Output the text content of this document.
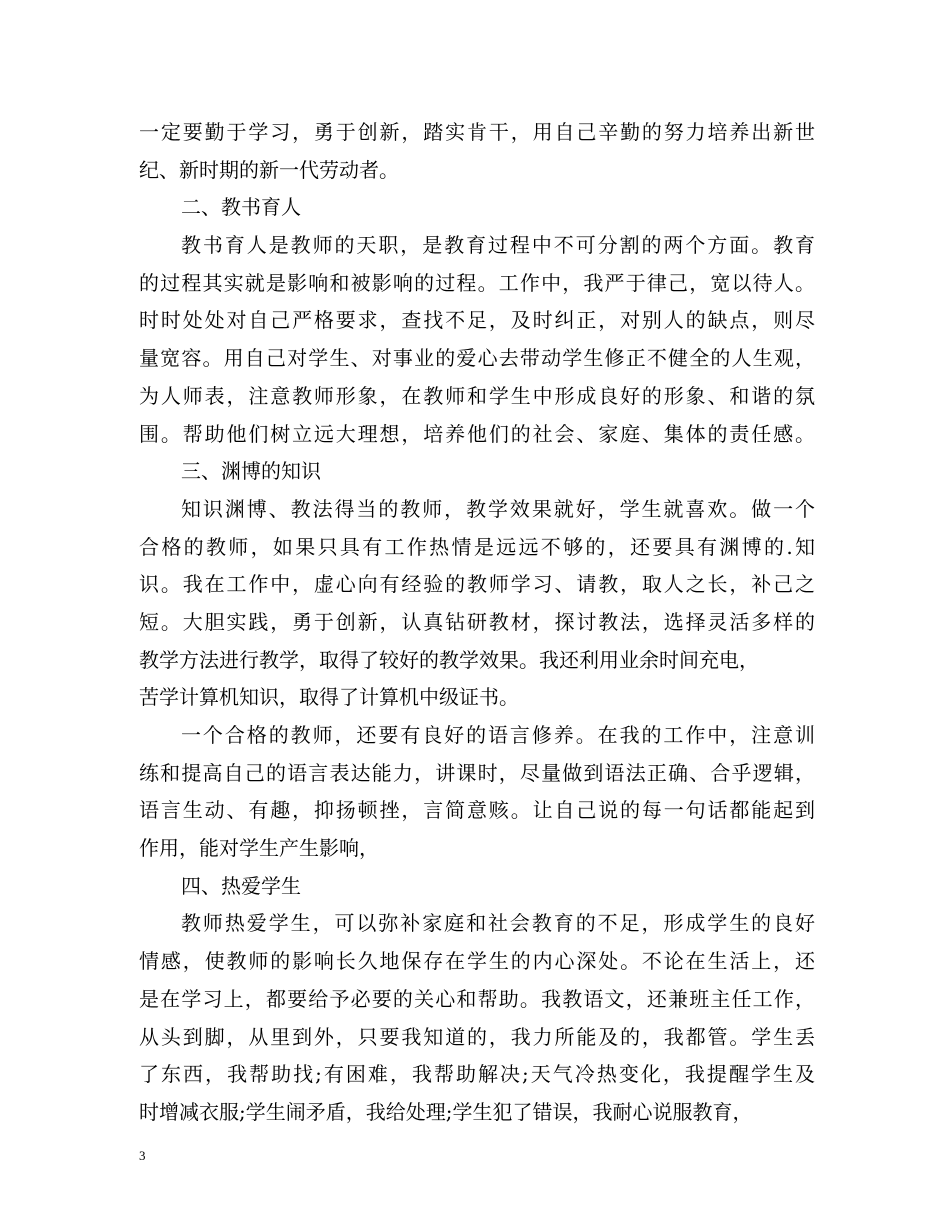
一定要勤于学习，勇于创新，踏实肯干，用自己辛勤的努力培养出新世
纪、新时期的新一代劳动者。
二、教书育人
教书育人是教师的天职，是教育过程中不可分割的两个方面。教育
的过程其实就是影响和被影响的过程。工作中，我严于律己，宽以待人。
时时处处对自己严格要求，查找不足，及时纠正，对别人的缺点，则尽
量宽容。用自己对学生、对事业的爱心去带动学生修正不健全的人生观，
为人师表，注意教师形象，在教师和学生中形成良好的形象、和谐的氛
围。帮助他们树立远大理想，培养他们的社会、家庭、集体的责任感。
三、渊博的知识
知识渊博、教法得当的教师，教学效果就好，学生就喜欢。做一个
合格的教师，如果只具有工作热情是远远不够的，还要具有渊博的.知
识。我在工作中，虚心向有经验的教师学习、请教，取人之长，补己之
短。大胆实践，勇于创新，认真钻研教材，探讨教法，选择灵活多样的
教学方法进行教学，取得了较好的教学效果。我还利用业余时间充电，
苦学计算机知识，取得了计算机中级证书。
一个合格的教师，还要有良好的语言修养。在我的工作中，注意训
练和提高自己的语言表达能力，讲课时，尽量做到语法正确、合乎逻辑，
语言生动、有趣，抑扬顿挫，言简意赅。让自己说的每一句话都能起到
作用，能对学生产生影响，
四、热爱学生
教师热爱学生，可以弥补家庭和社会教育的不足，形成学生的良好
情感，使教师的影响长久地保存在学生的内心深处。不论在生活上，还
是在学习上，都要给予必要的关心和帮助。我教语文，还兼班主任工作，
从头到脚，从里到外，只要我知道的，我力所能及的，我都管。学生丢
了东西，我帮助找;有困难，我帮助解决;天气冷热变化，我提醒学生及
时增减衣服;学生闹矛盾，我给处理;学生犯了错误，我耐心说服教育，
3
